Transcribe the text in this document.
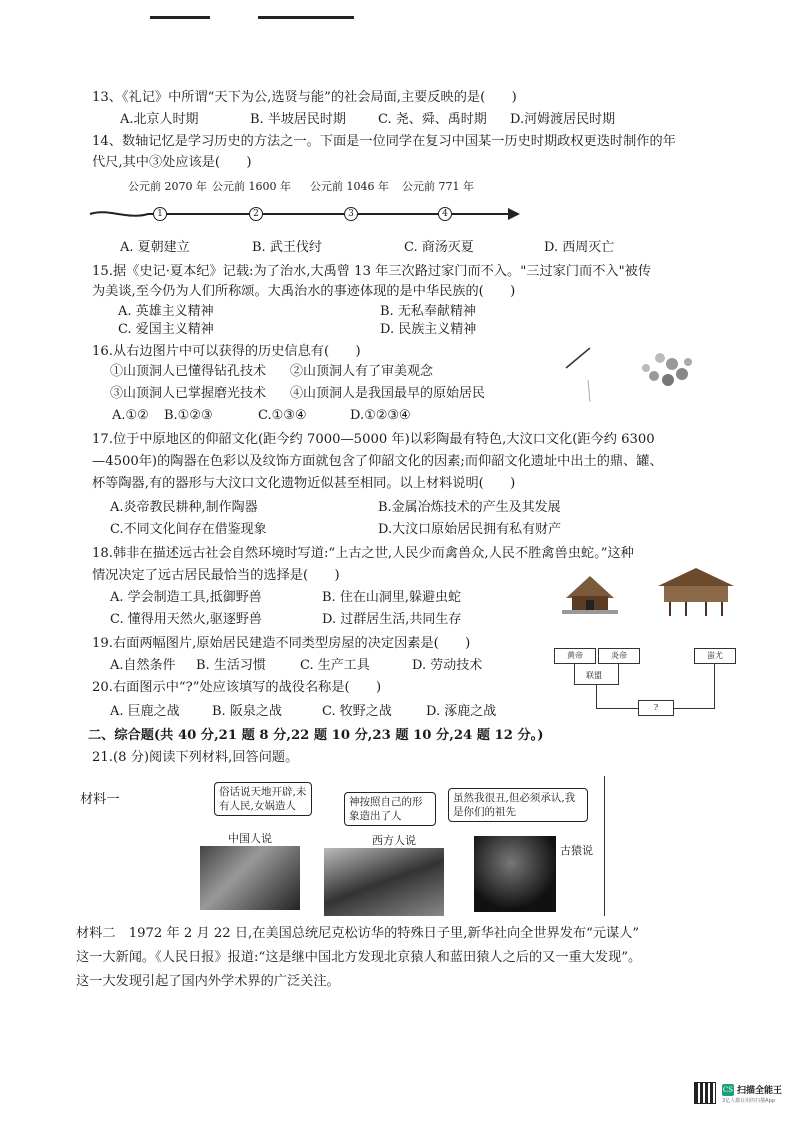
13、《礼记》中所谓“天下为公,选贤与能”的社会局面,主要反映的是(　　)
A.北京人时期	B. 半坡居民时期 C. 尧、舜、禹时期 D.河姆渡居民时期
14、数轴记忆是学习历史的方法之一。下面是一位同学在复习中国某一历史时期政权更迭时制作的年
代尺,其中③处应该是(　　)
公元前 2070 年 公元前 1600 年 公元前 1046 年 公元前 771 年
1	2	3	4
A. 夏朝建立	B. 武王伐纣	C. 商汤灭夏	D. 西周灭亡
15.据《史记·夏本纪》记载:为了治水,大禹曾 13 年三次路过家门而不入。"三过家门而不入"被传
为美谈,至今仍为人们所称颂。大禹治水的事迹体现的是中华民族的(　　)
A. 英雄主义精神	B. 无私奉献精神
C. 爱国主义精神	D. 民族主义精神
16.从右边图片中可以获得的历史信息有(　　)
①山顶洞人已懂得钻孔技术 ②山顶洞人有了审美观念
③山顶洞人已掌握磨光技术 ④山顶洞人是我国最早的原始居民
A.①② B.①②③	C.①③④	D.①②③④
17.位于中原地区的仰韶文化(距今约 7000—5000 年)以彩陶最有特色,大汶口文化(距今约 6300
—4500年)的陶器在色彩以及纹饰方面就包含了仰韶文化的因素;而仰韶文化遗址中出土的鼎、罐、
杯等陶器,有的器形与大汶口文化遗物近似甚至相同。以上材料说明(　　)
A.炎帝教民耕种,制作陶器	B.金属冶炼技术的产生及其发展
C.不同文化间存在借鉴现象	D.大汶口原始居民拥有私有财产
18.韩非在描述远古社会自然环境时写道:“上古之世,人民少而禽兽众,人民不胜禽兽虫蛇。”这种
情况决定了远古居民最恰当的选择是(　　)
A. 学会制造工具,抵御野兽	B. 住在山洞里,躲避虫蛇
C. 懂得用天然火,驱逐野兽	D. 过群居生活,共同生存
19.右面两幅图片,原始居民建造不同类型房屋的决定因素是(　　)
A.自然条件 B. 生活习惯	C. 生产工具	D. 劳动技术
20.右面图示中“?”处应该填写的战役名称是(　　)
A. 巨鹿之战 B. 阪泉之战	C. 牧野之战	D. 涿鹿之战
黄帝	炎帝	蚩尤
联盟
?
二、综合题(共 40 分,21 题 8 分,22 题 10 分,23 题 10 分,24 题 12 分。)
21.(8 分)阅读下列材料,回答问题。
材料一	俗话说天地开辟,未有人民,女娲造人
中国人说
神按照自己的形象造出了人
西方人说
虽然我很丑,但必须承认,我是你们的祖先
古猿说
材料二　1972 年 2 月 22 日,在美国总统尼克松访华的特殊日子里,新华社向全世界发布“元谋人”
这一大新闻。《人民日报》报道:“这是继中国北方发现北京猿人和蓝田猿人之后的又一重大发现”。
这一大发现引起了国内外学术界的广泛关注。
CS 扫描全能王
3亿人都在用的扫描App
